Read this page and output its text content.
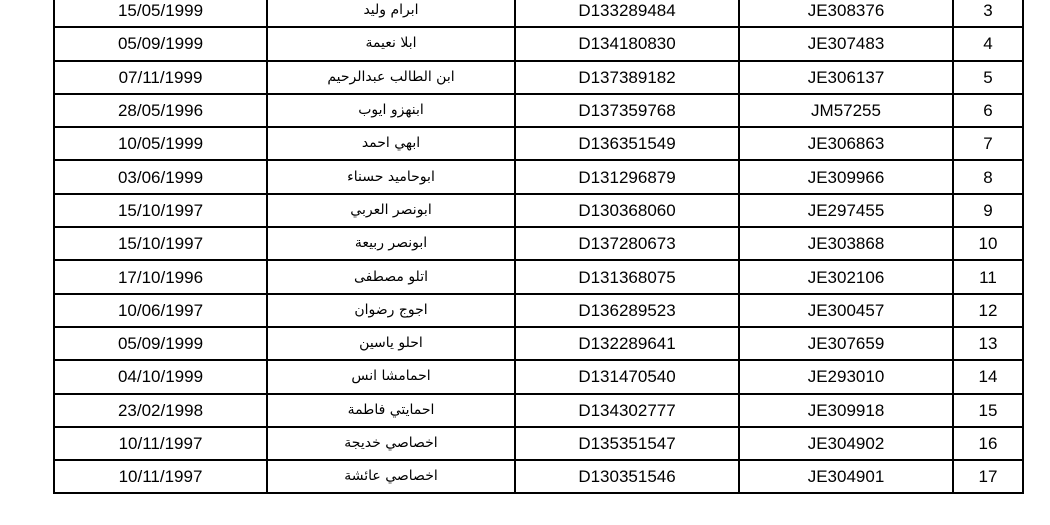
15/05/1999	ابرام وليد	D133289484	JE308376	3
05/09/1999	ابلا نعيمة	D134180830	JE307483	4
07/11/1999	ابن الطالب عبدالرحيم	D137389182	JE306137	5
28/05/1996	ابنهزو ايوب	D137359768	JM57255	6
10/05/1999	ابهي احمد	D136351549	JE306863	7
03/06/1999	ابوحاميد حسناء	D131296879	JE309966	8
15/10/1997	ابونصر العربي	D130368060	JE297455	9
15/10/1997	ابونصر ربيعة	D137280673	JE303868	10
17/10/1996	اتلو مصطفى	D131368075	JE302106	11
10/06/1997	اجوج رضوان	D136289523	JE300457	12
05/09/1999	احلو ياسين	D132289641	JE307659	13
04/10/1999	احمامشا انس	D131470540	JE293010	14
23/02/1998	احمايتي فاطمة	D134302777	JE309918	15
10/11/1997	اخصاصي خديجة	D135351547	JE304902	16
10/11/1997	اخصاصي عائشة	D130351546	JE304901	17
